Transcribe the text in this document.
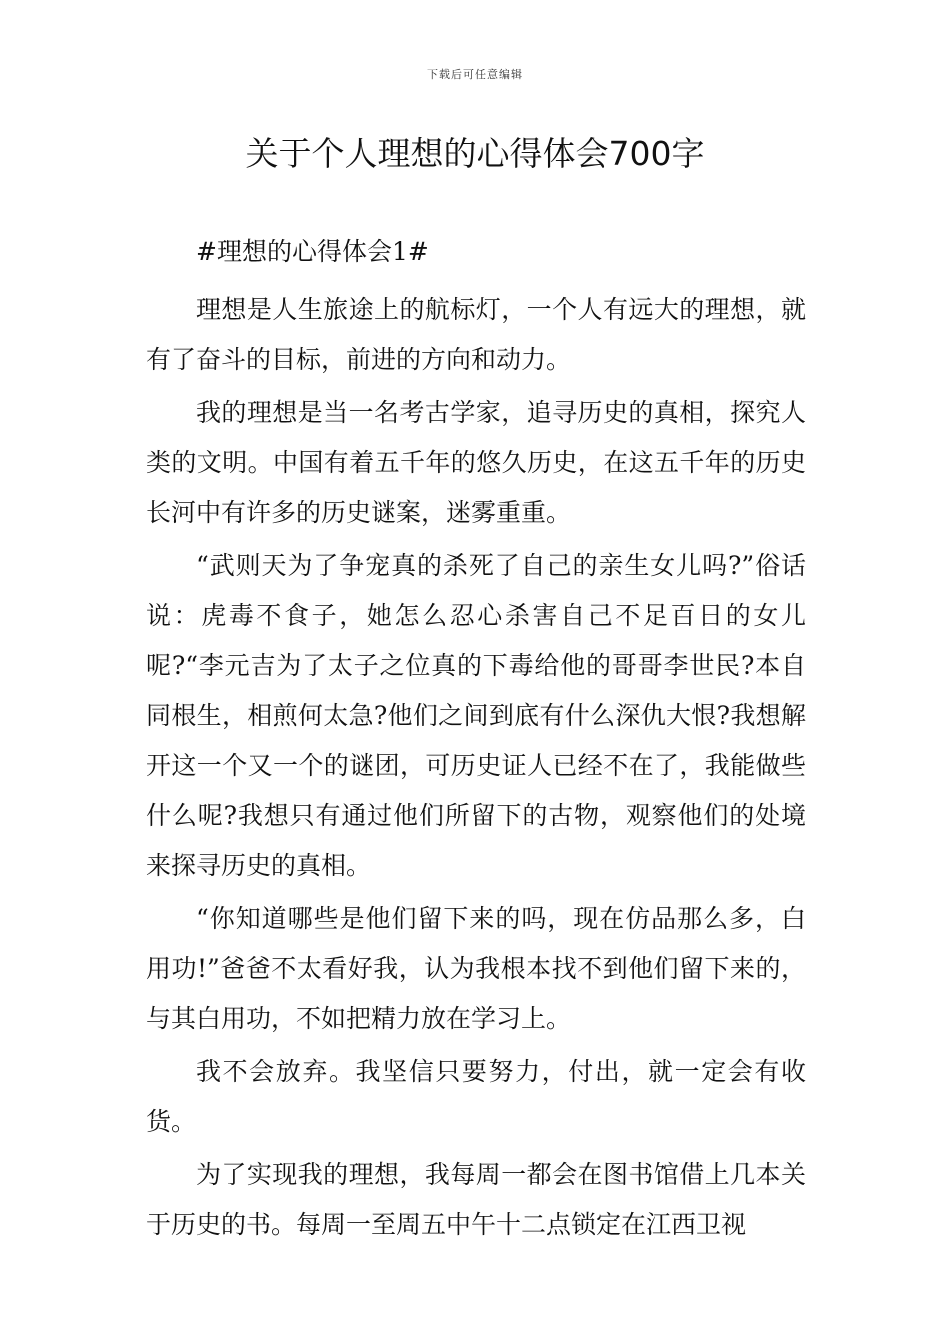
下载后可任意编辑
关于个人理想的心得体会700字

#理想的心得体会1#

理想是人生旅途上的航标灯，一个人有远大的理想，就有了奋斗的目标，前进的方向和动力。

我的理想是当一名考古学家，追寻历史的真相，探究人类的文明。中国有着五千年的悠久历史，在这五千年的历史长河中有许多的历史谜案，迷雾重重。

“武则天为了争宠真的杀死了自己的亲生女儿吗?”俗话说：虎毒不食子，她怎么忍心杀害自己不足百日的女儿呢?“李元吉为了太子之位真的下毒给他的哥哥李世民?本自同根生，相煎何太急?他们之间到底有什么深仇大恨?我想解开这一个又一个的谜团，可历史证人已经不在了，我能做些什么呢?我想只有通过他们所留下的古物，观察他们的处境来探寻历史的真相。

“你知道哪些是他们留下来的吗，现在仿品那么多，白用功!”爸爸不太看好我，认为我根本找不到他们留下来的，与其白用功，不如把精力放在学习上。

我不会放弃。我坚信只要努力，付出，就一定会有收货。

为了实现我的理想，我每周一都会在图书馆借上几本关于历史的书。每周一至周五中午十二点锁定在江西卫视
